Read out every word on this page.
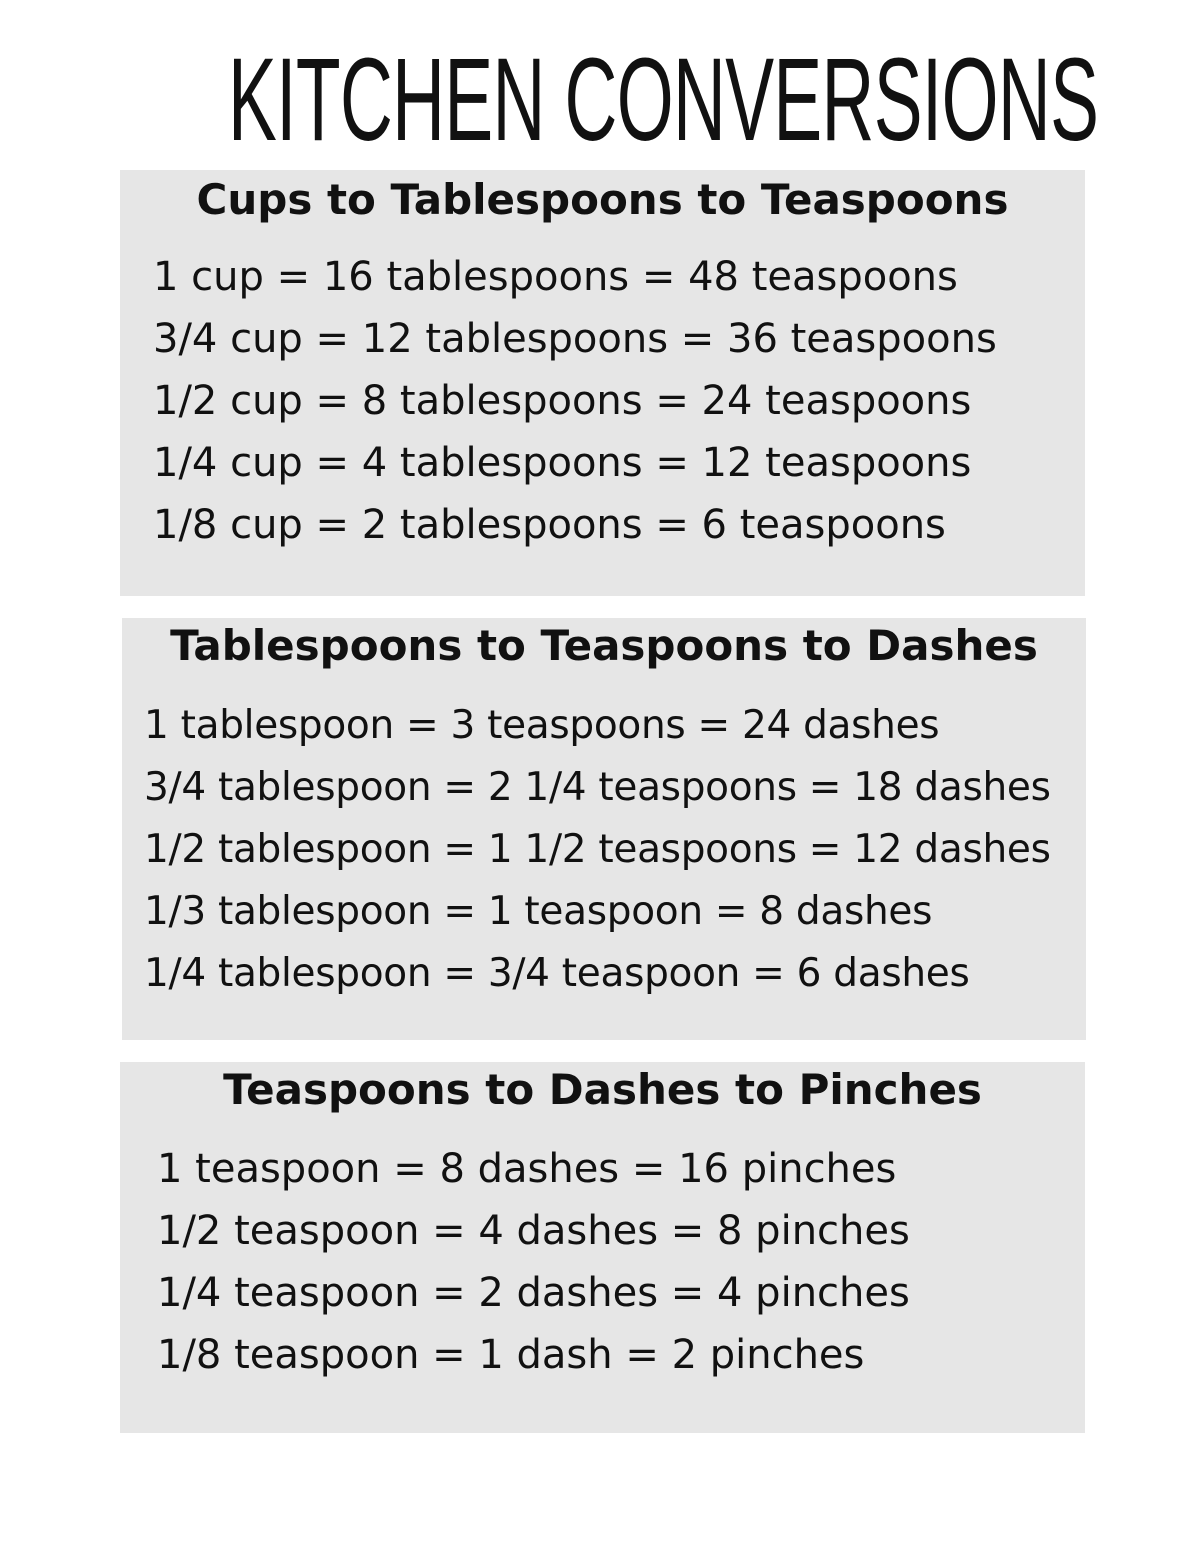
KITCHEN CONVERSIONS
Cups to Tablespoons to Teaspoons
1 cup = 16 tablespoons = 48 teaspoons
3/4 cup = 12 tablespoons = 36 teaspoons
1/2 cup = 8 tablespoons = 24 teaspoons
1/4 cup = 4 tablespoons = 12 teaspoons
1/8 cup = 2 tablespoons = 6 teaspoons
Tablespoons to Teaspoons to Dashes
1 tablespoon = 3 teaspoons = 24 dashes
3/4 tablespoon = 2 1/4 teaspoons = 18 dashes
1/2 tablespoon = 1 1/2 teaspoons = 12 dashes
1/3 tablespoon = 1 teaspoon = 8 dashes
1/4 tablespoon = 3/4 teaspoon = 6 dashes
Teaspoons to Dashes to Pinches
1 teaspoon = 8 dashes = 16 pinches
1/2 teaspoon = 4 dashes = 8 pinches
1/4 teaspoon = 2 dashes = 4 pinches
1/8 teaspoon = 1 dash = 2 pinches
